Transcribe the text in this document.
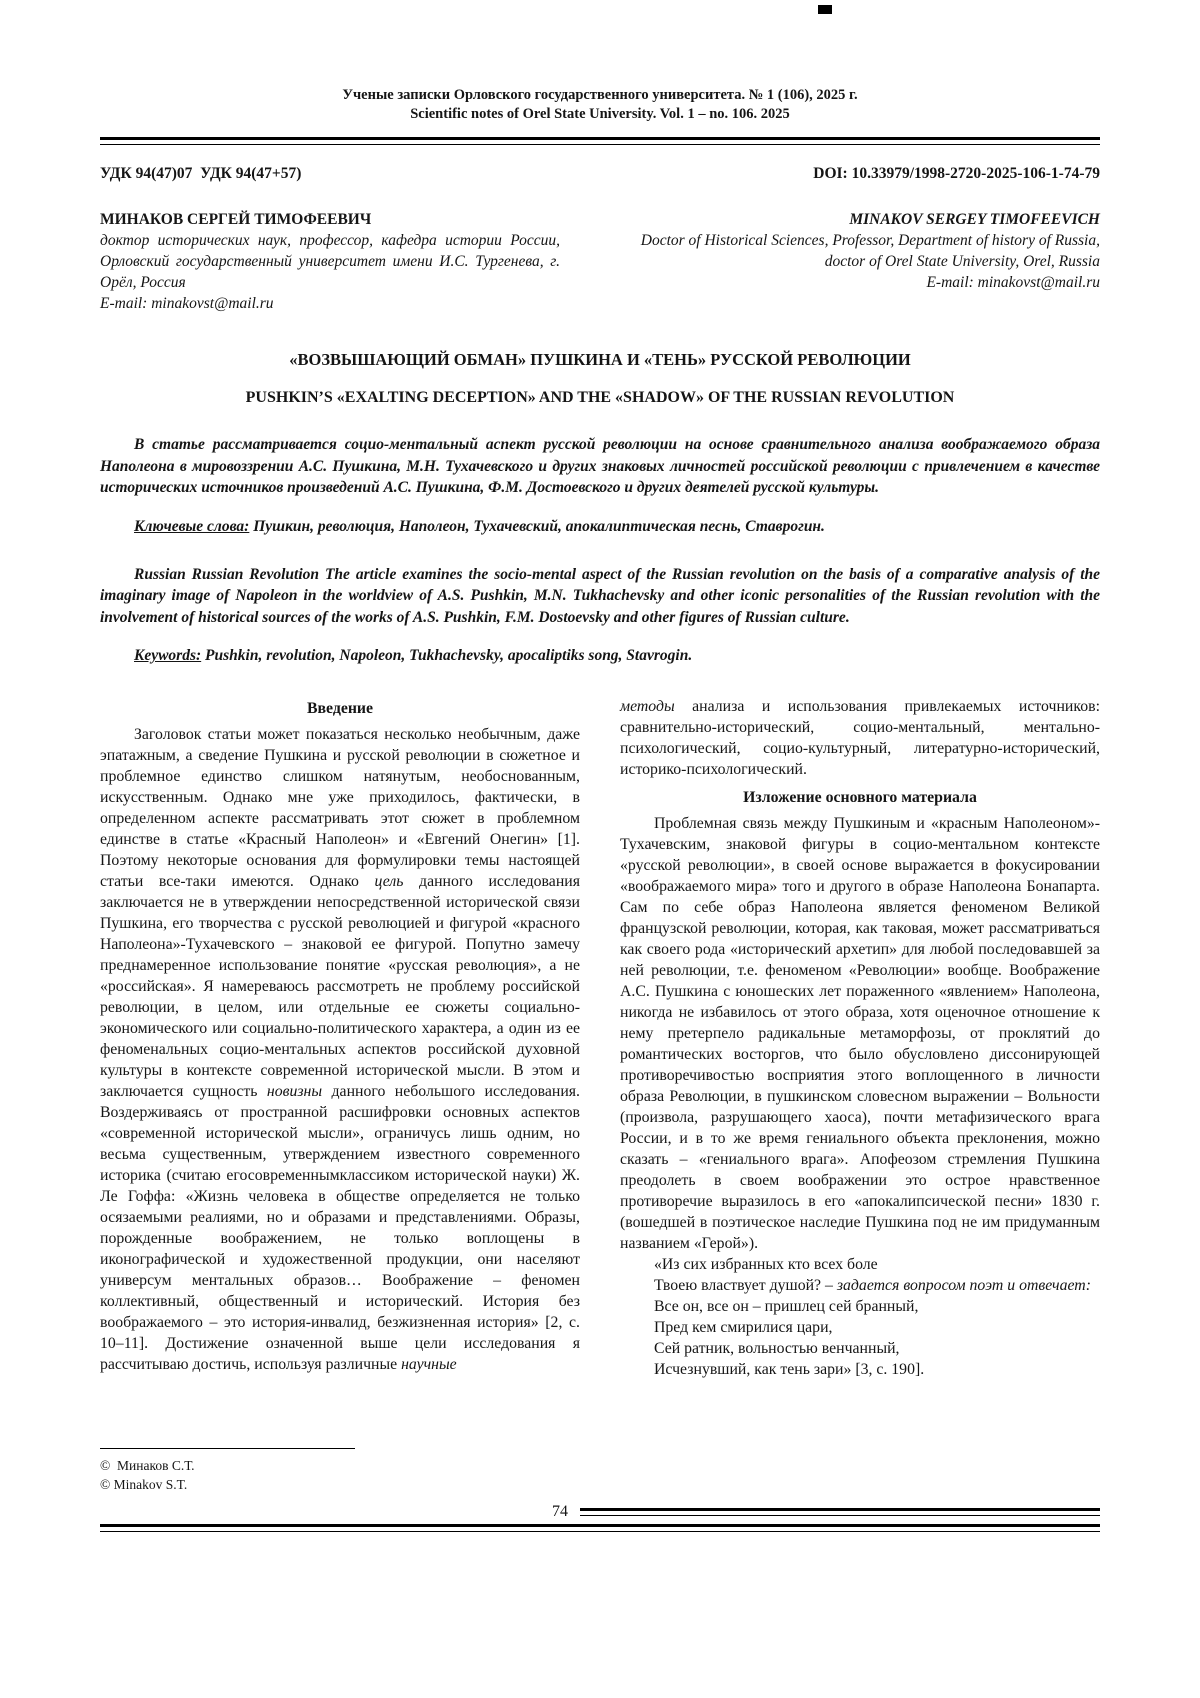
Ученые записки Орловского государственного университета. № 1 (106), 2025 г.
Scientific notes of Orel State University. Vol. 1 – no. 106. 2025
УДК 94(47)07  УДК 94(47+57)	DOI: 10.33979/1998-2720-2025-106-1-74-79
МИНАКОВ СЕРГЕЙ ТИМОФЕЕВИЧ
доктор исторических наук, профессор, кафедра истории России, Орловский государственный университет имени И.С. Тургенева, г. Орёл, Россия
E-mail: minakovst@mail.ru
MINAKOV SERGEY TIMOFEEVICH
Doctor of Historical Sciences, Professor, Department of history of Russia, doctor of Orel State University, Orel, Russia
E-mail: minakovst@mail.ru
«ВОЗВЫШАЮЩИЙ ОБМАН» ПУШКИНА И «ТЕНЬ» РУССКОЙ РЕВОЛЮЦИИ
PUSHKIN’S «EXALTING DECEPTION» AND THE «SHADOW» OF THE RUSSIAN REVOLUTION

В статье рассматривается социо-ментальный аспект русской революции на основе сравнительного анализа воображаемого образа Наполеона в мировоззрении А.С. Пушкина, М.Н. Тухачевского и других знаковых личностей российской революции с привлечением в качестве исторических источников произведений А.С. Пушкина, Ф.М. Достоевского и других деятелей русской культуры.

Ключевые слова: Пушкин, революция, Наполеон, Тухачевский, апокалиптическая песнь, Ставрогин.

Russian Russian Revolution The article examines the socio-mental aspect of the Russian revolution on the basis of a comparative analysis of the imaginary image of Napoleon in the worldview of A.S. Pushkin, M.N. Tukhachevsky and other iconic personalities of the Russian revolution with the involvement of historical sources of the works of A.S. Pushkin, F.M. Dostoevsky and other figures of Russian culture.

Keywords: Pushkin, revolution, Napoleon, Tukhachevsky, apocaliptiks song, Stavrogin.

Введение

Заголовок статьи может показаться несколько необычным, даже эпатажным, а сведение Пушкина и русской революции в сюжетное и проблемное единство слишком натянутым, необоснованным, искусственным. Однако мне уже приходилось, фактически, в определенном аспекте рассматривать этот сюжет в проблемном единстве в статье «Красный Наполеон» и «Евгений Онегин» [1]. Поэтому некоторые основания для формулировки темы настоящей статьи все-таки имеются. Однако цель данного исследования заключается не в утверждении непосредственной исторической связи Пушкина, его творчества с русской революцией и фигурой «красного Наполеона»-Тухачевского – знаковой ее фигурой. Попутно замечу преднамеренное использование понятие «русская революция», а не «российская». Я намереваюсь рассмотреть не проблему российской революции, в целом, или отдельные ее сюжеты социально-экономического или социально-политического характера, а один из ее феноменальных социо-ментальных аспектов российской духовной культуры в контексте современной исторической мысли. В этом и заключается сущность новизны данного небольшого исследования. Воздерживаясь от пространной расшифровки основных аспектов «современной исторической мысли», ограничусь лишь одним, но весьма существенным, утверждением известного современного историка (считаю егосовременнымклассиком исторической науки) Ж. Ле Гоффа: «Жизнь человека в обществе определяется не только осязаемыми реалиями, но и образами и представлениями. Образы, порожденные воображением, не только воплощены в иконографической и художественной продукции, они населяют универсум ментальных образов… Воображение – феномен коллективный, общественный и исторический. История без воображаемого – это история-инвалид, безжизненная история» [2, с. 10–11]. Достижение означенной выше цели исследования я рассчитываю достичь, используя различные научные

методы анализа и использования привлекаемых источников: сравнительно-исторический, социо-ментальный, ментально-психологический, социо-культурный, литературно-исторический, историко-психологический.

Изложение основного материала

Проблемная связь между Пушкиным и «красным Наполеоном»-Тухачевским, знаковой фигуры в социо-ментальном контексте «русской революции», в своей основе выражается в фокусировании «воображаемого мира» того и другого в образе Наполеона Бонапарта. Сам по себе образ Наполеона является феноменом Великой французской революции, которая, как таковая, может рассматриваться как своего рода «исторический архетип» для любой последовавшей за ней революции, т.е. феноменом «Революции» вообще. Воображение А.С. Пушкина с юношеских лет пораженного «явлением» Наполеона, никогда не избавилось от этого образа, хотя оценочное отношение к нему претерпело радикальные метаморфозы, от проклятий до романтических восторгов, что было обусловлено диссонирующей противоречивостью восприятия этого воплощенного в личности образа Революции, в пушкинском словесном выражении – Вольности (произвола, разрушающего хаоса), почти метафизического врага России, и в то же время гениального объекта преклонения, можно сказать – «гениального врага». Апофеозом стремления Пушкина преодолеть в своем воображении это острое нравственное противоречие выразилось в его «апокалипсической песни» 1830 г. (вошедшей в поэтическое наследие Пушкина под не им придуманным названием «Герой»).

«Из сих избранных кто всех боле

Твоею властвует душой? – задается вопросом поэт и отвечает:

Все он, все он – пришлец сей бранный,

Пред кем смирилися цари,

Сей ратник, вольностью венчанный,

Исчезнувший, как тень зари» [3, с. 190].

©  Минаков С.Т.
© Minakov S.T.
74
